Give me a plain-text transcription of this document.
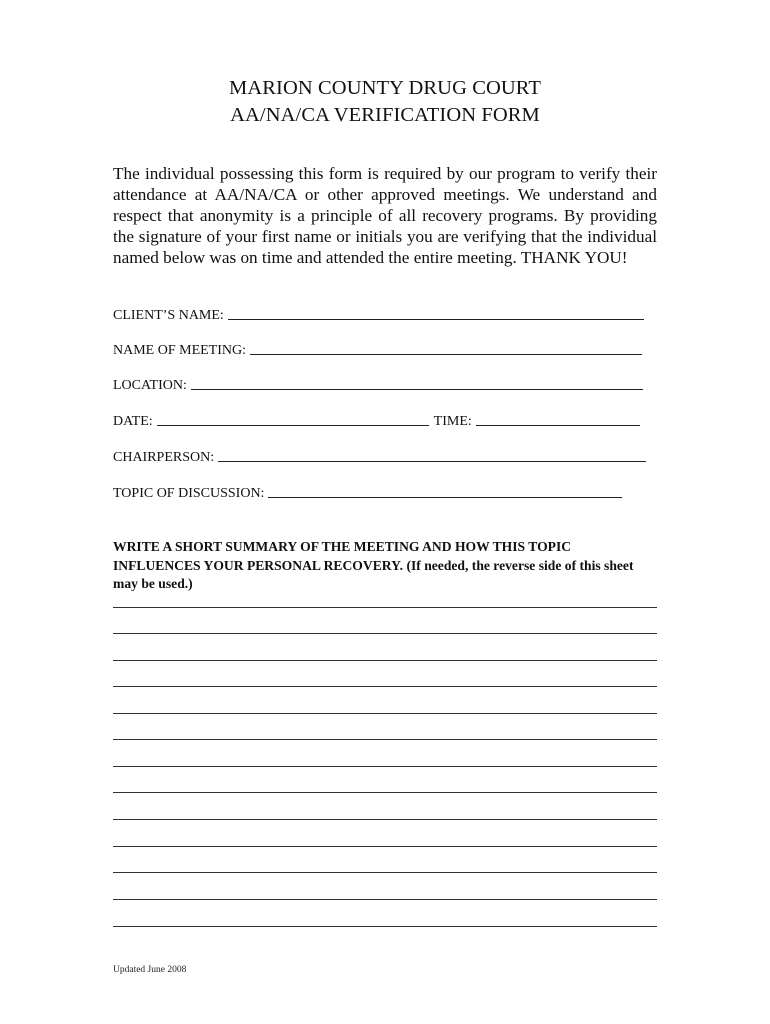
MARION COUNTY DRUG COURT
AA/NA/CA VERIFICATION FORM
The individual possessing this form is required by our program to verify their attendance at AA/NA/CA or other approved meetings. We understand and respect that anonymity is a principle of all recovery programs. By providing the signature of your first name or initials you are verifying that the individual named below was on time and attended the entire meeting. THANK YOU!
CLIENT’S NAME:
NAME OF MEETING:
LOCATION:
DATE:	TIME:
CHAIRPERSON:
TOPIC OF DISCUSSION:
WRITE A SHORT SUMMARY OF THE MEETING AND HOW THIS TOPIC INFLUENCES YOUR PERSONAL RECOVERY. (If needed, the reverse side of this sheet may be used.)
Updated June 2008
